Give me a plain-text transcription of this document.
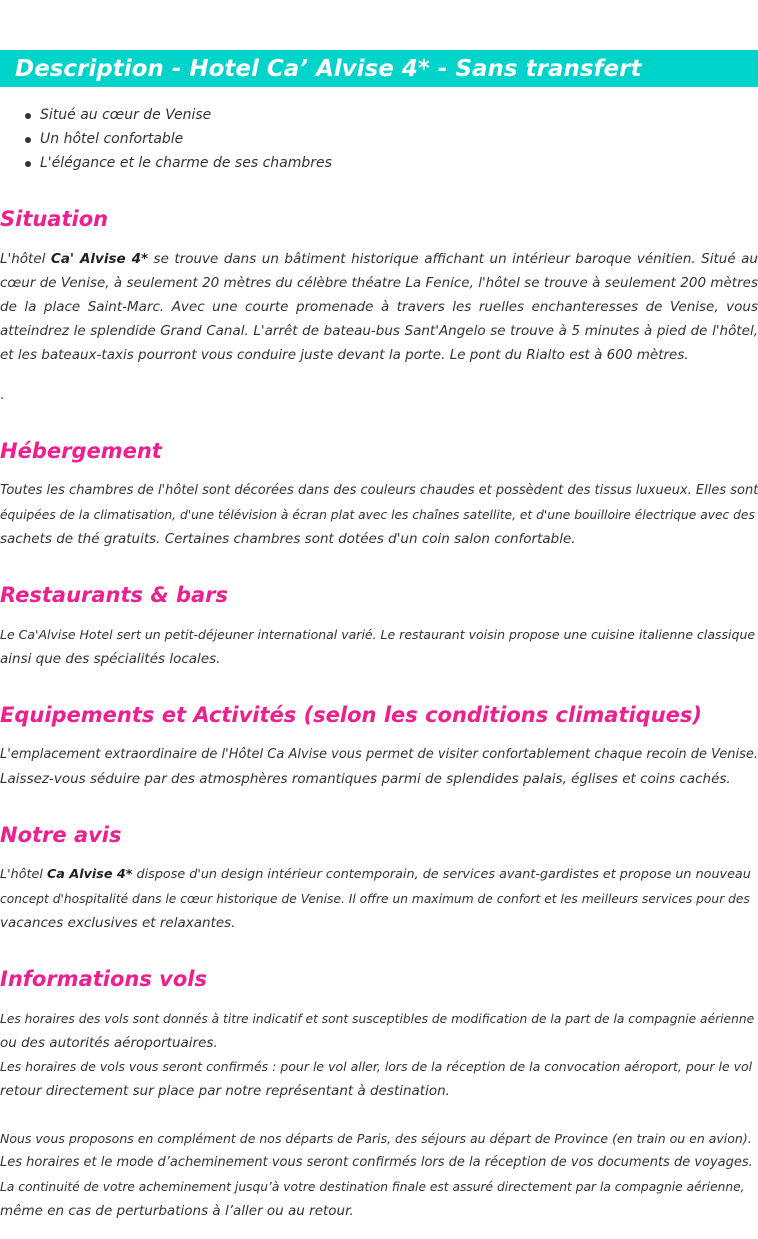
Description - Hotel Ca’ Alvise 4* - Sans transfert
Situé au cœur de Venise
Un hôtel confortable
L'élégance et le charme de ses chambres
Situation

L'hôtel Ca' Alvise 4* se trouve dans un bâtiment historique affichant un intérieur baroque vénitien. Situé au cœur de Venise, à seulement 20 mètres du célèbre théatre La Fenice, l'hôtel se trouve à seulement 200 mètres de la place Saint-Marc. Avec une courte promenade à travers les ruelles enchanteresses de Venise, vous atteindrez le splendide Grand Canal. L'arrêt de bateau-bus Sant'Angelo se trouve à 5 minutes à pied de l'hôtel, et les bateaux-taxis pourront vous conduire juste devant la porte. Le pont du Rialto est à 600 mètres.

.
Hébergement

Toutes les chambres de l'hôtel sont décorées dans des couleurs chaudes et possèdent des tissus luxueux. Elles sont
équipées de la climatisation, d'une télévision à écran plat avec les chaînes satellite, et d'une bouilloire électrique avec des
sachets de thé gratuits. Certaines chambres sont dotées d'un coin salon confortable.

Restaurants & bars

Le Ca'Alvise Hotel sert un petit-déjeuner international varié. Le restaurant voisin propose une cuisine italienne classique
ainsi que des spécialités locales.

Equipements et Activités (selon les conditions climatiques)

L'emplacement extraordinaire de l'Hôtel Ca Alvise vous permet de visiter confortablement chaque recoin de Venise.
Laissez-vous séduire par des atmosphères romantiques parmi de splendides palais, églises et coins cachés.

Notre avis

L'hôtel Ca Alvise 4* dispose d'un design intérieur contemporain, de services avant-gardistes et propose un nouveau
concept d'hospitalité dans le cœur historique de Venise. Il offre un maximum de confort et les meilleurs services pour des
vacances exclusives et relaxantes.

Informations vols

Les horaires des vols sont donnés à titre indicatif et sont susceptibles de modification de la part de la compagnie aérienne
ou des autorités aéroportuaires.
Les horaires de vols vous seront confirmés : pour le vol aller, lors de la réception de la convocation aéroport, pour le vol
retour directement sur place par notre représentant à destination.

Nous vous proposons en complément de nos départs de Paris, des séjours au départ de Province (en train ou en avion).
Les horaires et le mode d’acheminement vous seront confirmés lors de la réception de vos documents de voyages.
La continuité de votre acheminement jusqu’à votre destination finale est assuré directement par la compagnie aérienne,
même en cas de perturbations à l’aller ou au retour.
